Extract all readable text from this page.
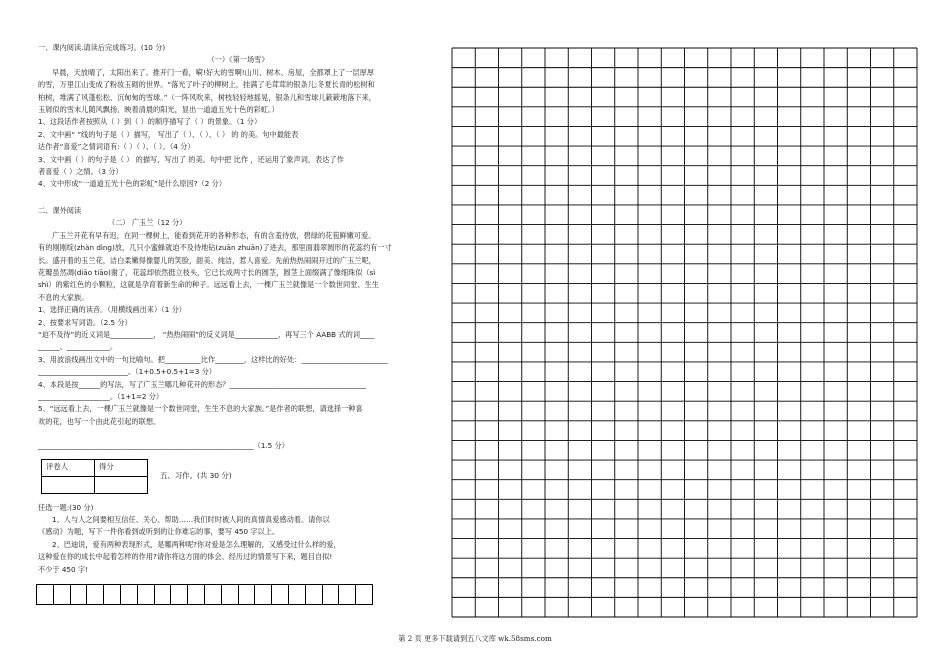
一、课内阅读.请读后完成练习。(10 分)
（一）《第一场雪》
早晨，天放晴了，太阳出来了。推开门一看，嗬!好大的雪啊!山川、树木、房屋，全都罩上了一层厚厚
的雪，万里江山变成了粉妆玉砌的世界。“落光了叶子的柳树上，挂满了毛茸茸的银条儿;冬夏长青的松树和
柏树，堆满了风蓬松松、沉甸甸的雪球。”（一阵风吹来，树枝轻轻地摇晃，银条儿和雪球儿簌簌地落下来，
玉屑似的雪末儿随风飘扬，映着清晨的阳光，显出一道道五光十色的彩虹。）
1、这段话作者按照从（ ）到（ ）的顺序描写了（ ）的景象。（1 分）
2、文中画“ ”线的句子是（ ）描写， 写出了（ ）、（ ）、（ ） 的 的美。句中最能表
达作者“喜爱”之情词语有:（ ）（ ）、（ ）。（4 分）
3、文中画（ ）的句子是（ ） 的描写，写出了 的美。句中把 比作 ，还运用了象声词，表达了作
者喜爱（ ）之情。（3 分）
4、文中形成“一道道五光十色的彩虹”是什么原因?（2 分）
二、课外阅读
（二） 广玉兰（12 分）
广玉兰开花有早有迟，在同一棵树上，能看到花开的各种形态，有的含羞待放，碧绿的花苞鲜嫩可爱。
有的刚刚绽(zhàn dìng)放，几只小蜜蜂就迫不及待地钻(zuān zhuān)了进去，那里面翡翠圆形的花蕊约有一寸
长。盛开着的玉兰花，洁白柔嫩得像婴儿的笑脸，甜美、纯洁，惹人喜爱。先前热热闹闹开过的广玉兰呢，
花瓣虽然凋(diāo tiāo)谢了，花蕊却依然挺立枝头，它已长成两寸长的圆茎，圆茎上面缀满了像细珠似（sì
shì）的紫红色的小颗粒，这就是孕育着新生命的种子。远远看上去，一棵广玉兰就像是一个数世同堂、生生
不息的大家族。
1、选择正确的读音。（用横线画出来）（1 分）
2、按要求写词语。（2.5 分）
“迫不及待”的近义词是____________， “热热闹闹”的反义词是____________，再写三个 AABB 式的词____
______、____________。
3、用波浪线画出文中的一句比喻句。把__________比作________，这样比的好处：________________________
_________________________。（1+0.5+0.5+1=3 分）
4、本段是按______的写法，写了广玉兰哪几种花开的形态？______________________________________
____________________。（1+1=2 分）
5、“远远看上去，一棵广玉兰就像是一个数世同堂，生生不息的大家族。”是作者的联想，请选择一种喜
欢的花，也写一个由此花引起的联想。
____________________________________________________________（1.5 分）
评卷人	得分

五、习作。(共 30 分)
任选一题:(30 分)
1、人与人之间要相互信任、关心、帮助……我们时时被人间的真情真爱感动着。请你以
《感动》为题，写下一件你看到或听到的让你难忘的事，要写 450 字以上。
2、巴迪说，爱有两种表现形式，是哪两种呢?你对爱是怎么理解的，又感受过什么样的爱，
这种爱在你的成长中起着怎样的作用?请你将这方面的体会、经历过的情景写下来，题目自拟!
不少于 450 字!
第 2 页 更多下载请到五八文库 wk.58sms.com
